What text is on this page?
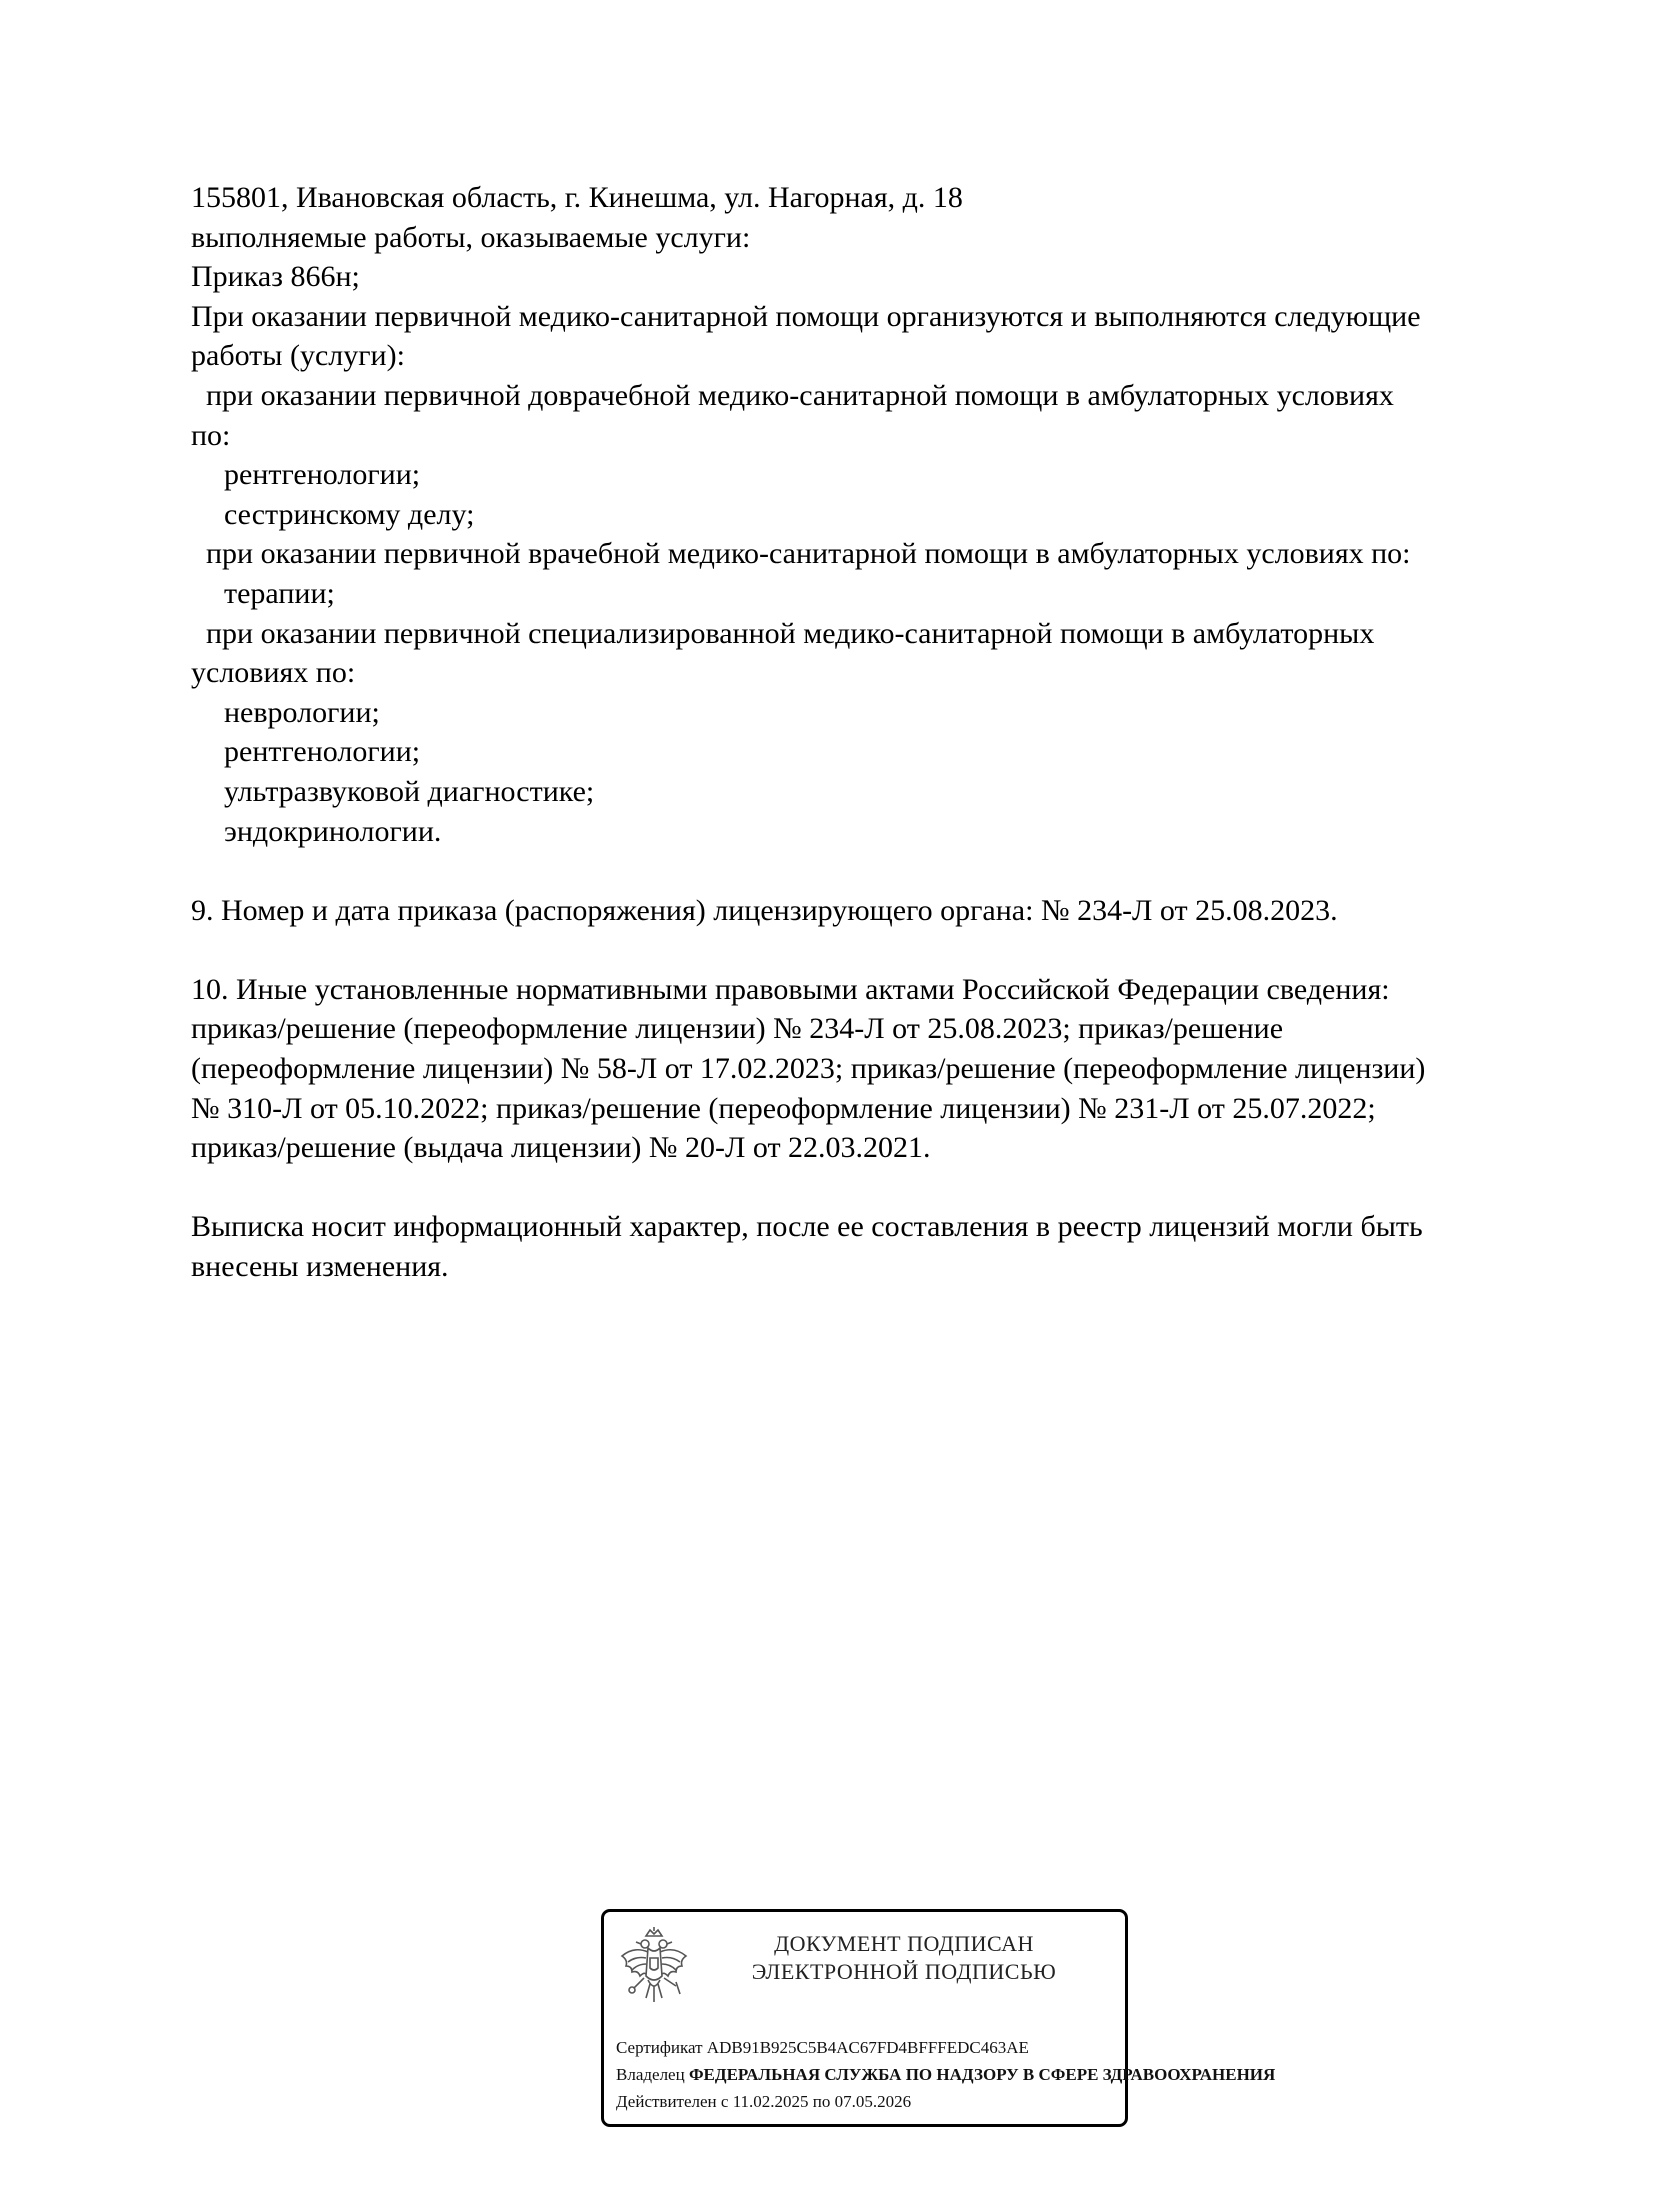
155801, Ивановская область, г. Кинешма, ул. Нагорная, д. 18
выполняемые работы, оказываемые услуги:
Приказ 866н;
При оказании первичной медико-санитарной помощи организуются и выполняются следующие
работы (услуги):
при оказании первичной доврачебной медико-санитарной помощи в амбулаторных условиях
по:
рентгенологии;
сестринскому делу;
при оказании первичной врачебной медико-санитарной помощи в амбулаторных условиях по:
терапии;
при оказании первичной специализированной медико-санитарной помощи в амбулаторных
условиях по:
неврологии;
рентгенологии;
ультразвуковой диагностике;
эндокринологии.
9. Номер и дата приказа (распоряжения) лицензирующего органа: № 234-Л от 25.08.2023.
10. Иные установленные нормативными правовыми актами Российской Федерации сведения:
приказ/решение (переоформление лицензии) № 234-Л от 25.08.2023; приказ/решение
(переоформление лицензии) № 58-Л от 17.02.2023; приказ/решение (переоформление лицензии)
№ 310-Л от 05.10.2022; приказ/решение (переоформление лицензии) № 231-Л от 25.07.2022;
приказ/решение (выдача лицензии) № 20-Л от 22.03.2021.
Выписка носит информационный характер, после ее составления в реестр лицензий могли быть
внесены изменения.
ДОКУМЕНТ ПОДПИСАН
ЭЛЕКТРОННОЙ ПОДПИСЬЮ
Сертификат ADB91B925C5B4AC67FD4BFFFEDC463AE
Владелец ФЕДЕРАЛЬНАЯ СЛУЖБА ПО НАДЗОРУ В СФЕРЕ ЗДРАВООХРАНЕНИЯ
Действителен с 11.02.2025 по 07.05.2026
